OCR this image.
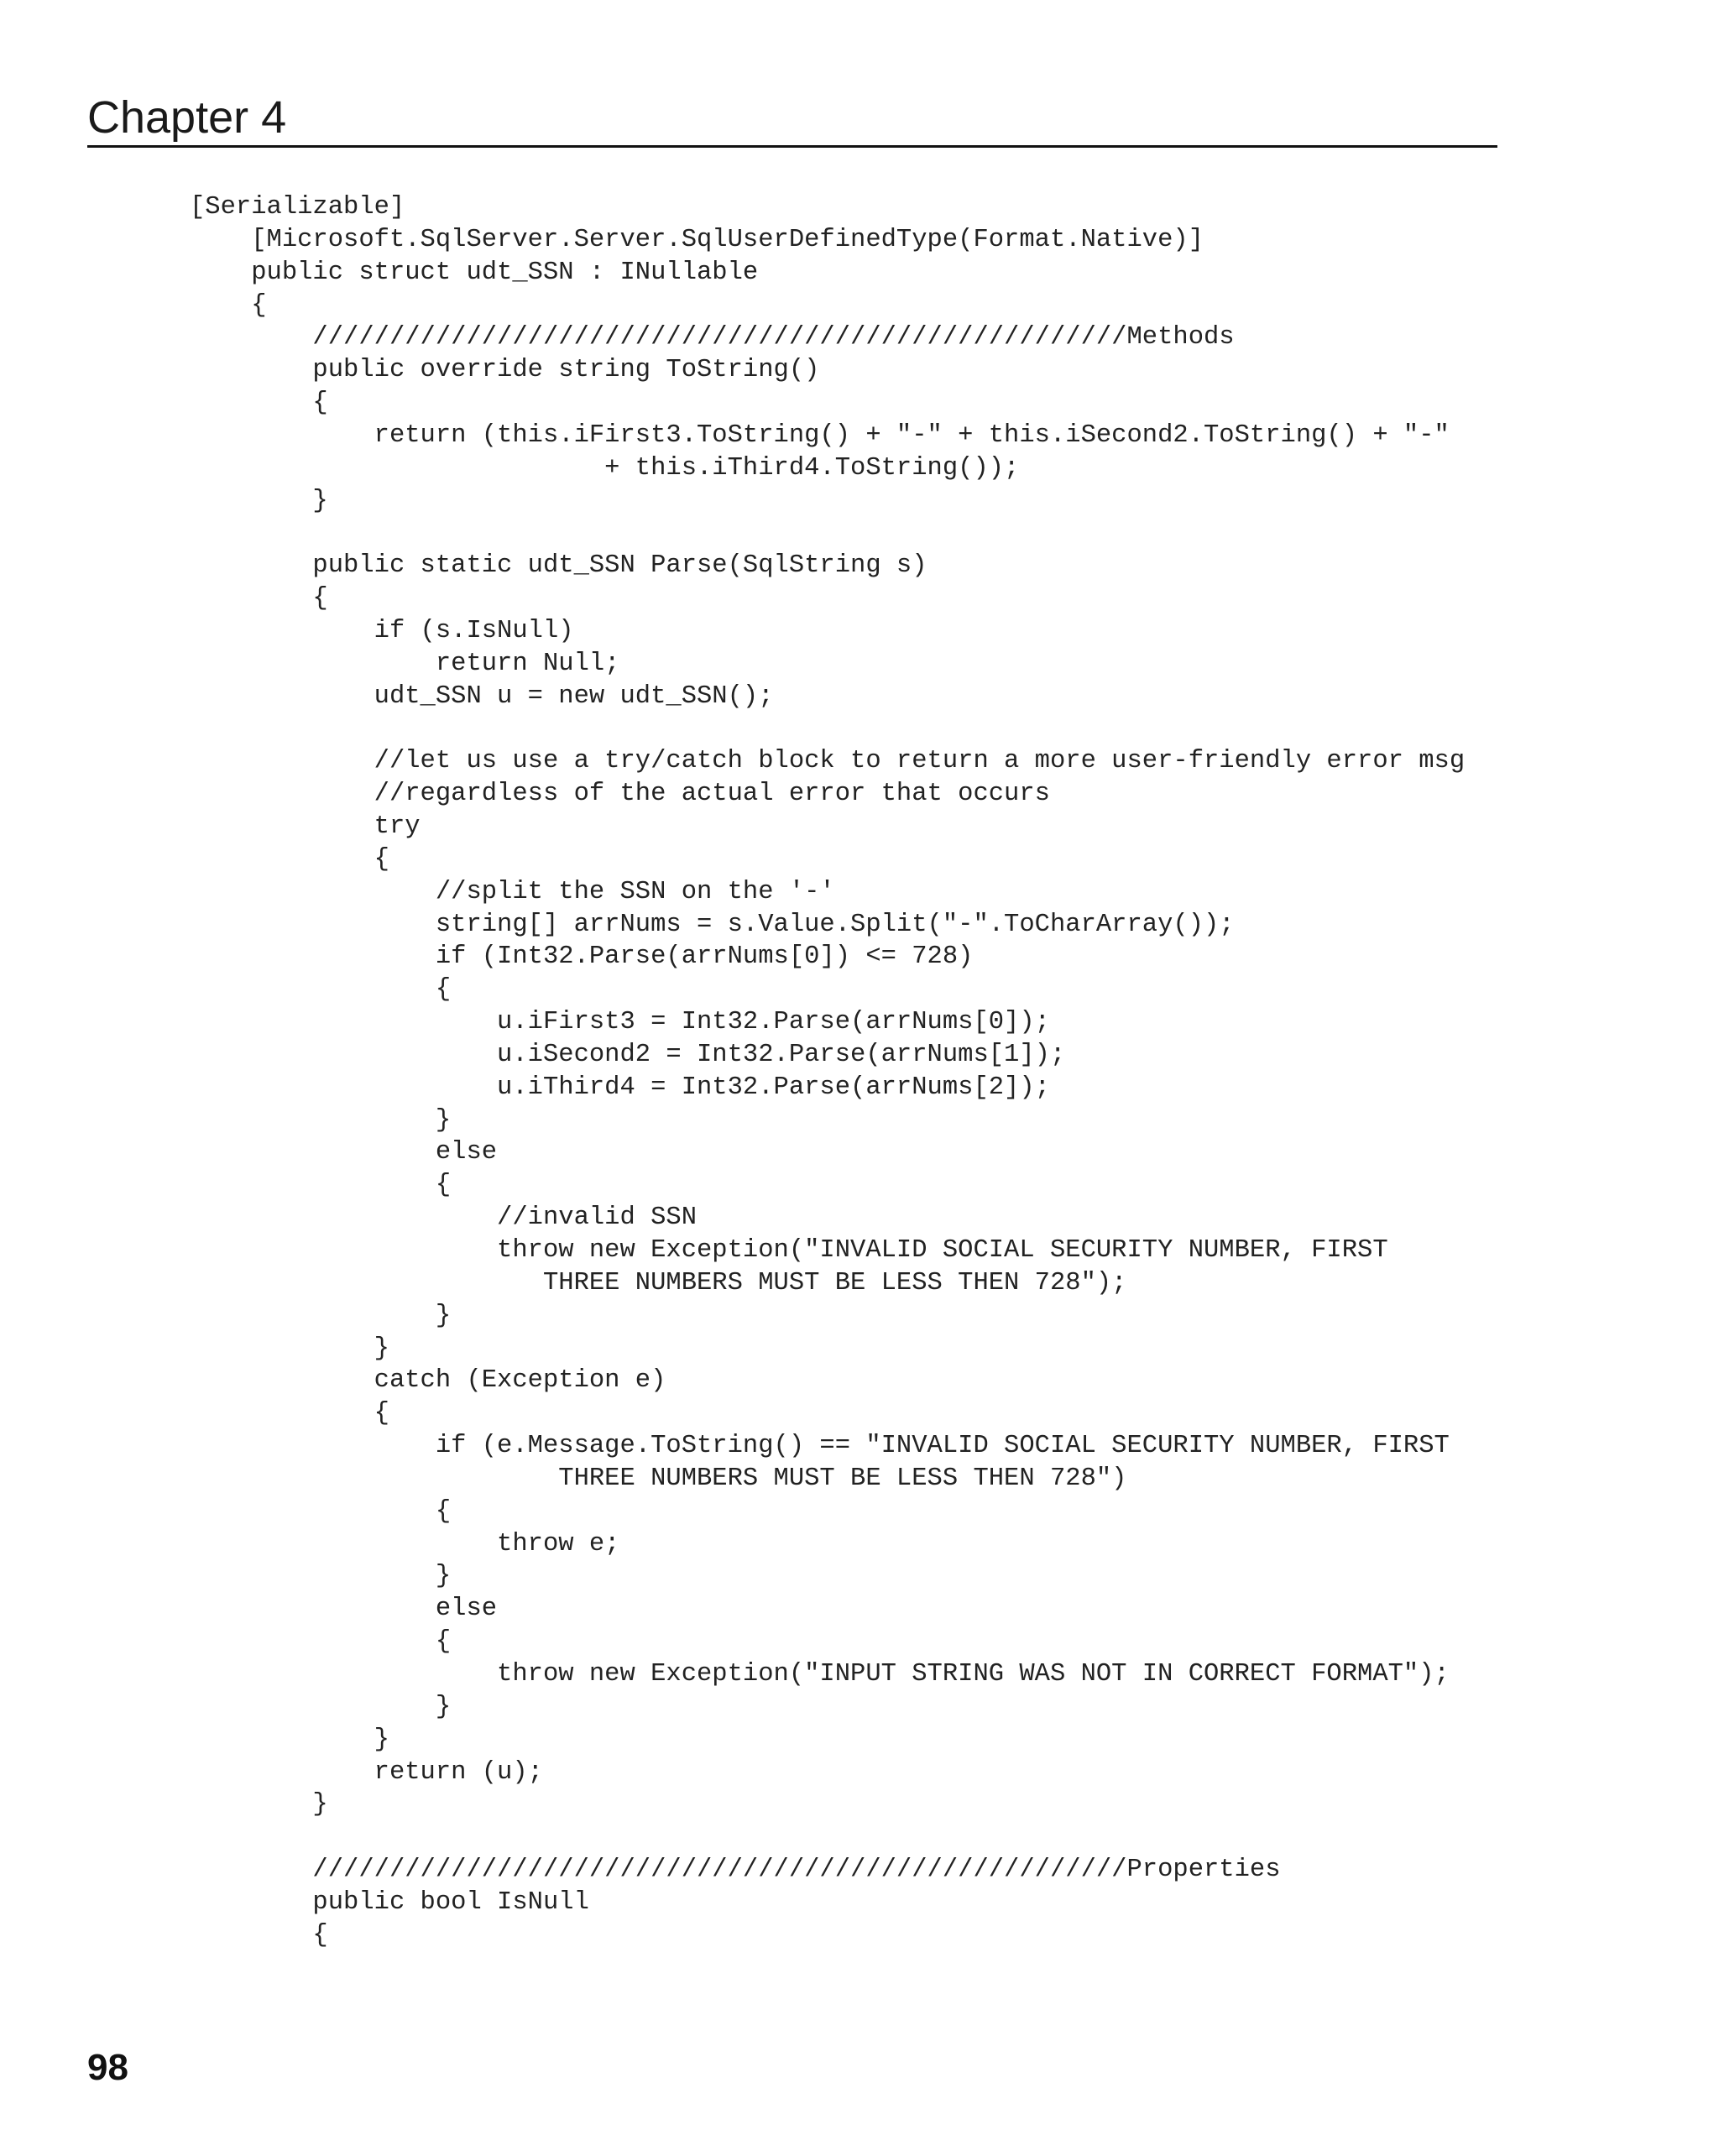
Chapter 4
[Serializable]
[Microsoft.SqlServer.Server.SqlUserDefinedType(Format.Native)]
public struct udt_SSN : INullable
{
/////////////////////////////////////////////////////Methods
public override string ToString()
{
return (this.iFirst3.ToString() + "-" + this.iSecond2.ToString() + "-"
+ this.iThird4.ToString());
}
public static udt_SSN Parse(SqlString s)
{
if (s.IsNull)
return Null;
udt_SSN u = new udt_SSN();
//let us use a try/catch block to return a more user-friendly error msg
//regardless of the actual error that occurs
try
{
//split the SSN on the '-'
string[] arrNums = s.Value.Split("-".ToCharArray());
if (Int32.Parse(arrNums[0]) <= 728)
{
u.iFirst3 = Int32.Parse(arrNums[0]);
u.iSecond2 = Int32.Parse(arrNums[1]);
u.iThird4 = Int32.Parse(arrNums[2]);
}
else
{
//invalid SSN
throw new Exception("INVALID SOCIAL SECURITY NUMBER, FIRST
THREE NUMBERS MUST BE LESS THEN 728");
}
}
catch (Exception e)
{
if (e.Message.ToString() == "INVALID SOCIAL SECURITY NUMBER, FIRST
THREE NUMBERS MUST BE LESS THEN 728")
{
throw e;
}
else
{
throw new Exception("INPUT STRING WAS NOT IN CORRECT FORMAT");
}
}
return (u);
}
/////////////////////////////////////////////////////Properties
public bool IsNull
{
98
